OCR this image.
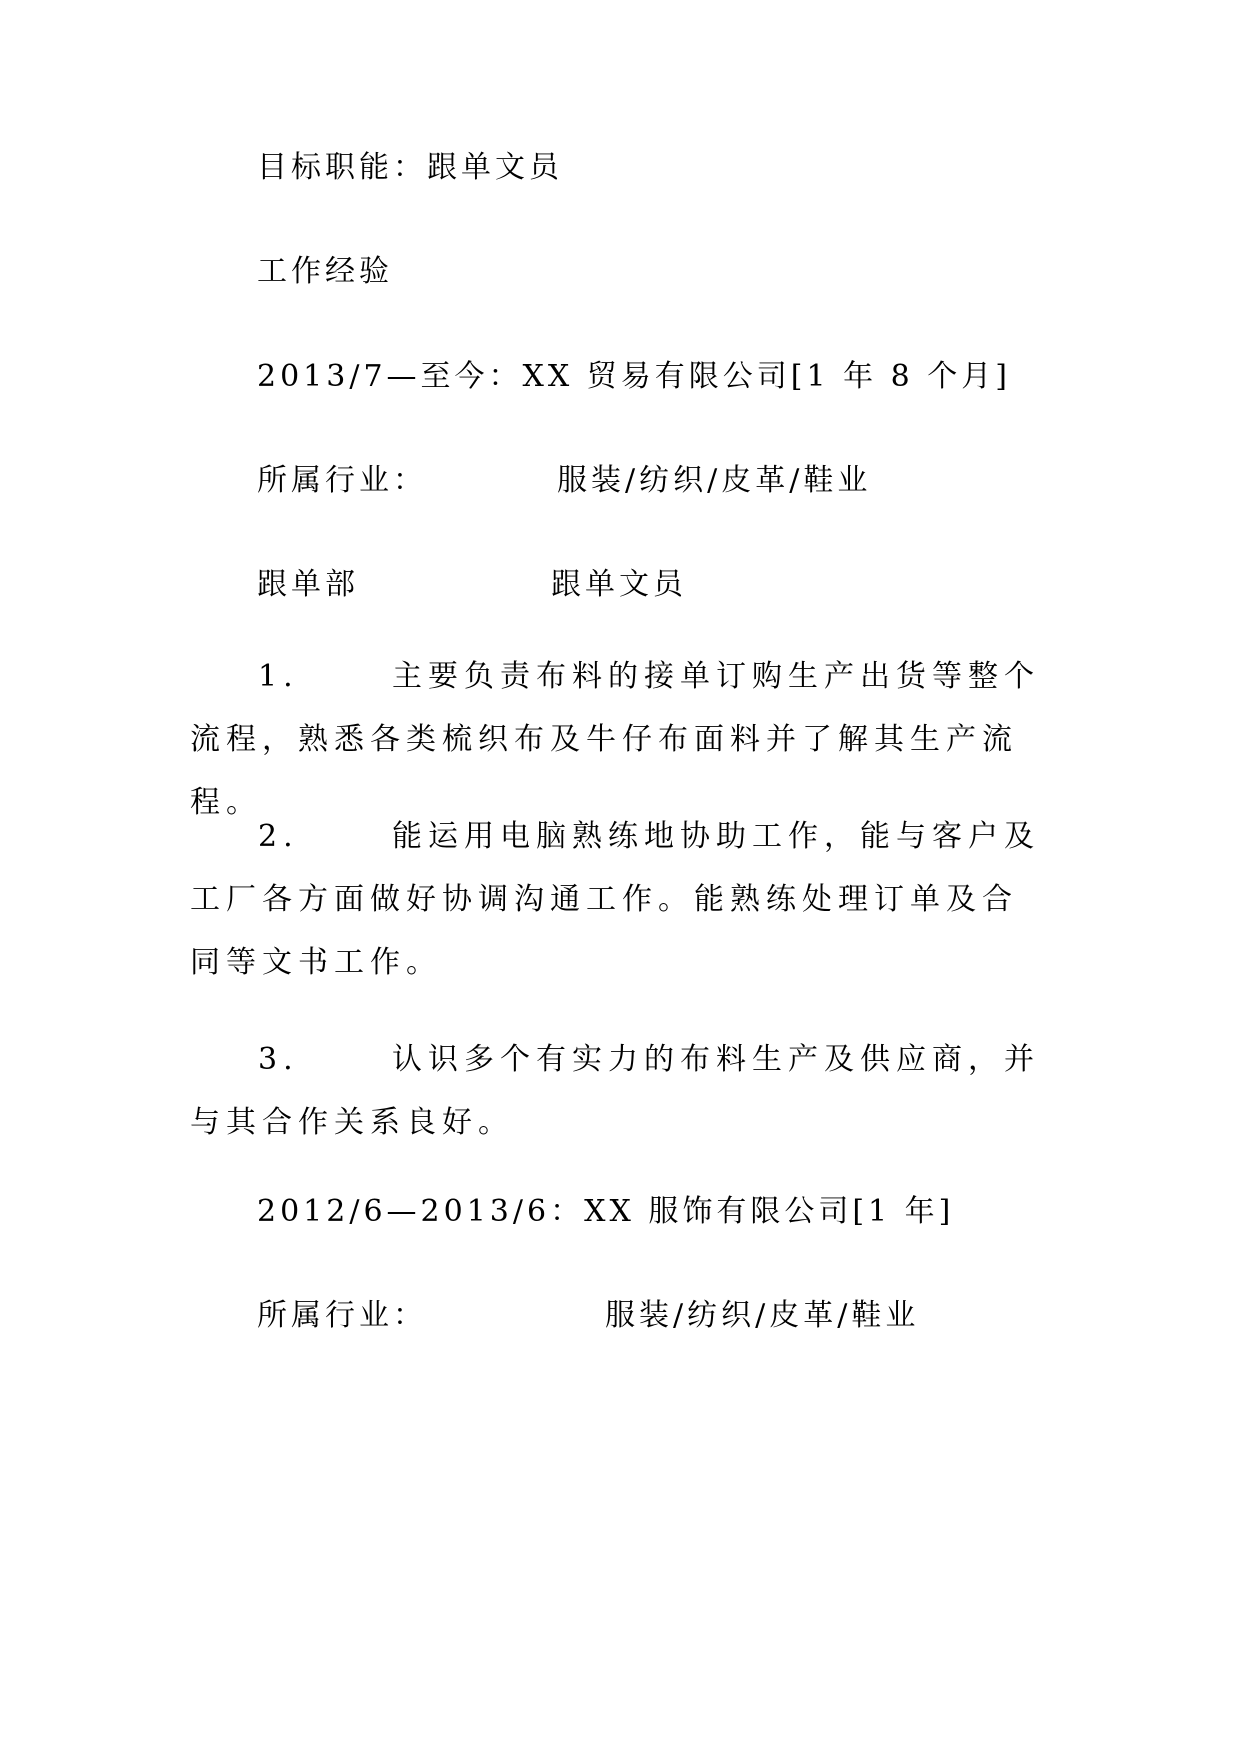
目标职能：跟单文员
工作经验
2013/7—至今：XX 贸易有限公司[1 年 8 个月]
所属行业：	服装/纺织/皮革/鞋业
跟单部	跟单文员
1.	主要负责布料的接单订购生产出货等整个流程，熟悉各类梳织布及牛仔布面料并了解其生产流程。
2.	能运用电脑熟练地协助工作，能与客户及工厂各方面做好协调沟通工作。能熟练处理订单及合同等文书工作。
3.	认识多个有实力的布料生产及供应商，并与其合作关系良好。
2012/6—2013/6：XX 服饰有限公司[1 年]
所属行业：	服装/纺织/皮革/鞋业
